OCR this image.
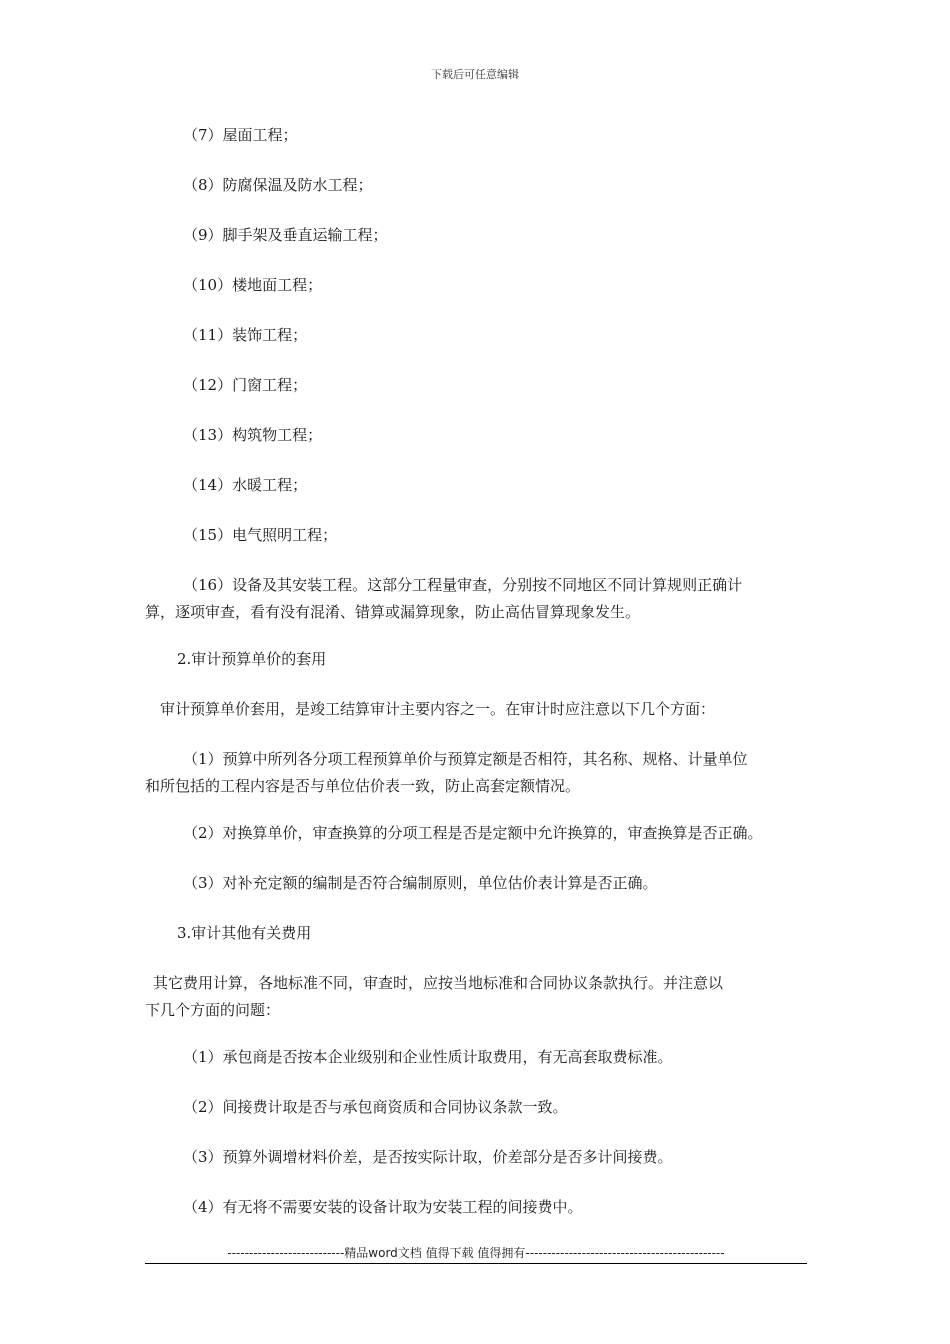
下载后可任意编辑
（7）屋面工程；
（8）防腐保温及防水工程；
（9）脚手架及垂直运输工程；
（10）楼地面工程；
（11）装饰工程；
（12）门窗工程；
（13）构筑物工程；
（14）水暖工程；
（15）电气照明工程；
（16）设备及其安装工程。这部分工程量审查，分别按不同地区不同计算规则正确计
算，逐项审查，看有没有混淆、错算或漏算现象，防止高估冒算现象发生。
2.审计预算单价的套用
审计预算单价套用，是竣工结算审计主要内容之一。在审计时应注意以下几个方面：
（1）预算中所列各分项工程预算单价与预算定额是否相符，其名称、规格、计量单位
和所包括的工程内容是否与单位估价表一致，防止高套定额情况。
（2）对换算单价，审查换算的分项工程是否是定额中允许换算的，审查换算是否正确。
（3）对补充定额的编制是否符合编制原则，单位估价表计算是否正确。
3.审计其他有关费用
其它费用计算，各地标准不同，审查时，应按当地标准和合同协议条款执行。并注意以
下几个方面的问题：
（1）承包商是否按本企业级别和企业性质计取费用，有无高套取费标准。
（2）间接费计取是否与承包商资质和合同协议条款一致。
（3）预算外调增材料价差，是否按实际计取，价差部分是否多计间接费。
（4）有无将不需要安装的设备计取为安装工程的间接费中。
---------------------------精品word文档 值得下载 值得拥有----------------------------------------------
